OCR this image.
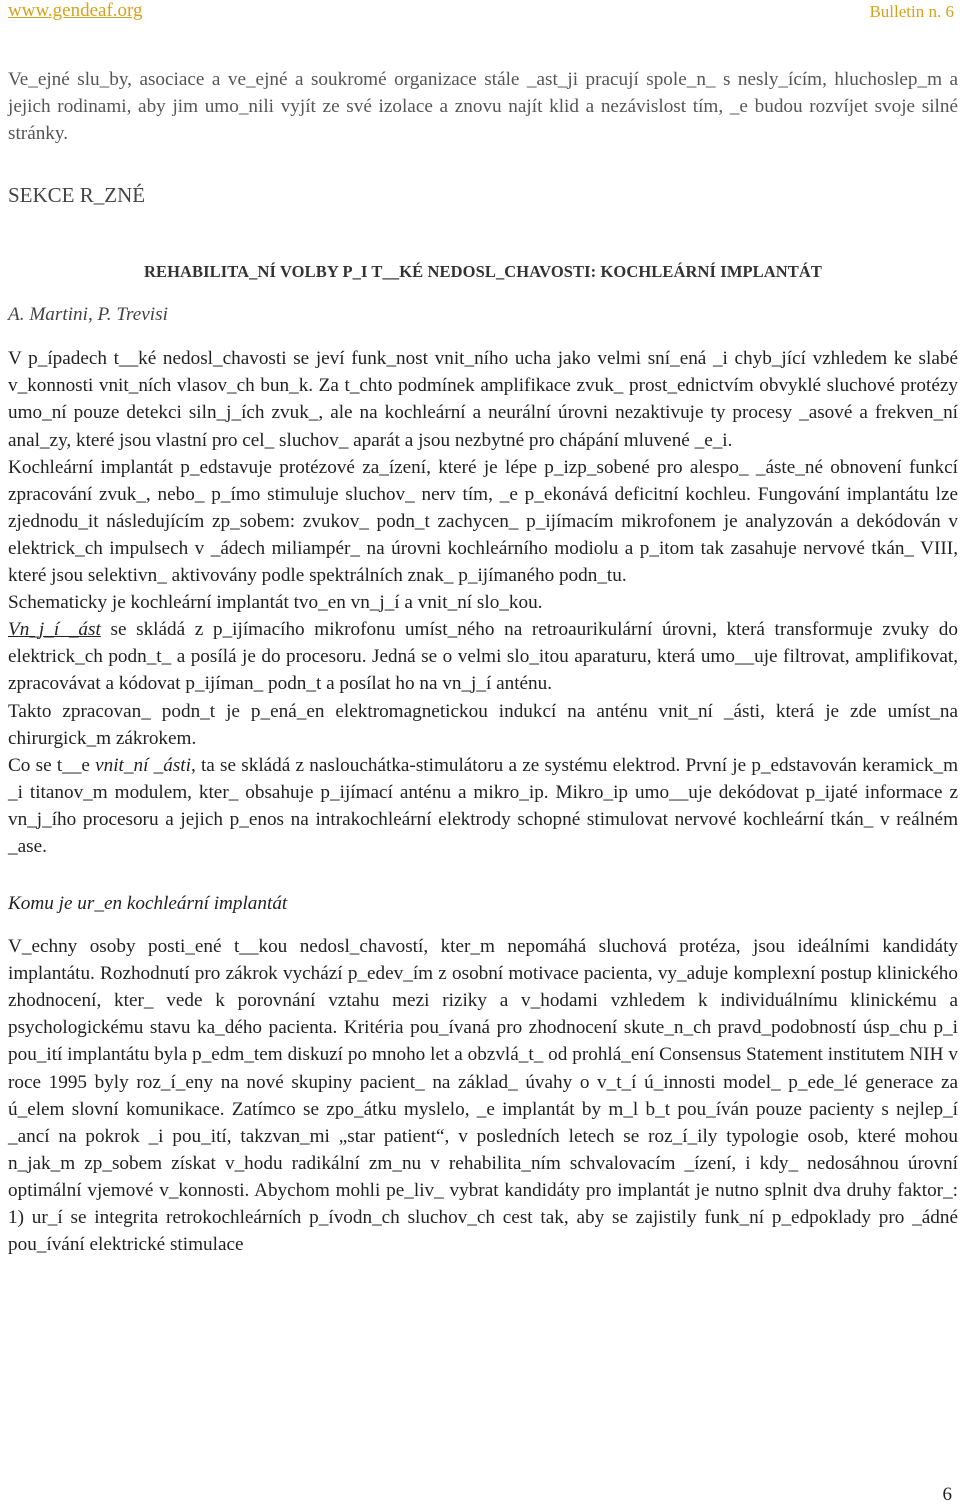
www.gendeaf.org	Bulletin n. 6

Ve_ejné slu_by, asociace a ve_ejné a soukromé organizace stále _ast_ji pracují spole_n_ s nesly_ícím, hluchoslep_m a jejich rodinami, aby jim umo_nili vyjít ze své izolace a znovu najít klid a nezávislost tím, _e budou rozvíjet svoje silné stránky.

SEKCE R_ZNÉ
REHABILITA_NÍ VOLBY P_I T__KÉ NEDOSL_CHAVOSTI: KOCHLEÁRNÍ IMPLANTÁT
A. Martini, P. Trevisi

V p_ípadech t__ké nedosl_chavosti se jeví funk_nost vnit_ního ucha jako velmi sní_ená _i chyb_jící vzhledem ke slabé v_konnosti vnit_ních vlasov_ch bun_k. Za t_chto podmínek amplifikace zvuk_ prost_ednictvím obvyklé sluchové protézy umo_ní pouze detekci siln_j_ích zvuk_, ale na kochleární a neurální úrovni nezaktivuje ty procesy _asové a frekven_ní anal_zy, které jsou vlastní pro cel_ sluchov_ aparát a jsou nezbytné pro chápání mluvené _e_i.

Kochleární implantát p_edstavuje protézové za_ízení, které je lépe p_izp_sobené pro alespo_ _áste_né obnovení funkcí zpracování zvuk_, nebo_ p_ímo stimuluje sluchov_ nerv tím, _e p_ekonává deficitní kochleu. Fungování implantátu lze zjednodu_it následujícím zp_sobem: zvukov_ podn_t zachycen_ p_ijímacím mikrofonem je analyzován a dekódován v elektrick_ch impulsech v _ádech miliampér_ na úrovni kochleárního modiolu a p_itom tak zasahuje nervové tkán_ VIII, které jsou selektivn_ aktivovány podle spektrálních znak_ p_ijímaného podn_tu.

Schematicky je kochleární implantát tvo_en vn_j_í a vnit_ní slo_kou.

Vn_j_í _ást se skládá z p_ijímacího mikrofonu umíst_ného na retroaurikulární úrovni, která transformuje zvuky do elektrick_ch podn_t_ a posílá je do procesoru. Jedná se o velmi slo_itou aparaturu, která umo__uje filtrovat, amplifikovat, zpracovávat a kódovat p_ijíman_ podn_t a posílat ho na vn_j_í anténu.

Takto zpracovan_ podn_t je p_ená_en elektromagnetickou indukcí na anténu vnit_ní _ásti, která je zde umíst_na chirurgick_m zákrokem.

Co se t__e vnit_ní _ásti, ta se skládá z naslouchátka-stimulátoru a ze systému elektrod. První je p_edstavován keramick_m _i titanov_m modulem, kter_ obsahuje p_ijímací anténu a mikro_ip. Mikro_ip umo__uje dekódovat p_ijaté informace z vn_j_ího procesoru a jejich p_enos na intrakochleární elektrody schopné stimulovat nervové kochleární tkán_ v reálném _ase.

Komu je ur_en kochleární implantát

V_echny osoby posti_ené t__kou nedosl_chavostí, kter_m nepomáhá sluchová protéza, jsou ideálními kandidáty implantátu. Rozhodnutí pro zákrok vychází p_edev_ím z osobní motivace pacienta, vy_aduje komplexní postup klinického zhodnocení, kter_ vede k porovnání vztahu mezi riziky a v_hodami vzhledem k individuálnímu klinickému a psychologickému stavu ka_dého pacienta. Kritéria pou_ívaná pro zhodnocení skute_n_ch pravd_podobností úsp_chu p_i pou_ití implantátu byla p_edm_tem diskuzí po mnoho let a obzvlá_t_ od prohlá_ení Consensus Statement institutem NIH v roce 1995 byly roz_í_eny na nové skupiny pacient_ na základ_ úvahy o v_t_í ú_innosti model_ p_ede_lé generace za ú_elem slovní komunikace. Zatímco se zpo_átku myslelo, _e implantát by m_l b_t pou_íván pouze pacienty s nejlep_í _ancí na pokrok _i pou_ití, takzvan_mi „star patient“, v posledních letech se roz_í_ily typologie osob, které mohou n_jak_m zp_sobem získat v_hodu radikální zm_nu v rehabilita_ním schvalovacím _ízení, i kdy_ nedosáhnou úrovní optimální vjemové v_konnosti. Abychom mohli pe_liv_ vybrat kandidáty pro implantát je nutno splnit dva druhy faktor_: 1) ur_í se integrita retrokochleárních p_ívodn_ch sluchov_ch cest tak, aby se zajistily funk_ní p_edpoklady pro _ádné pou_ívání elektrické stimulace

6
